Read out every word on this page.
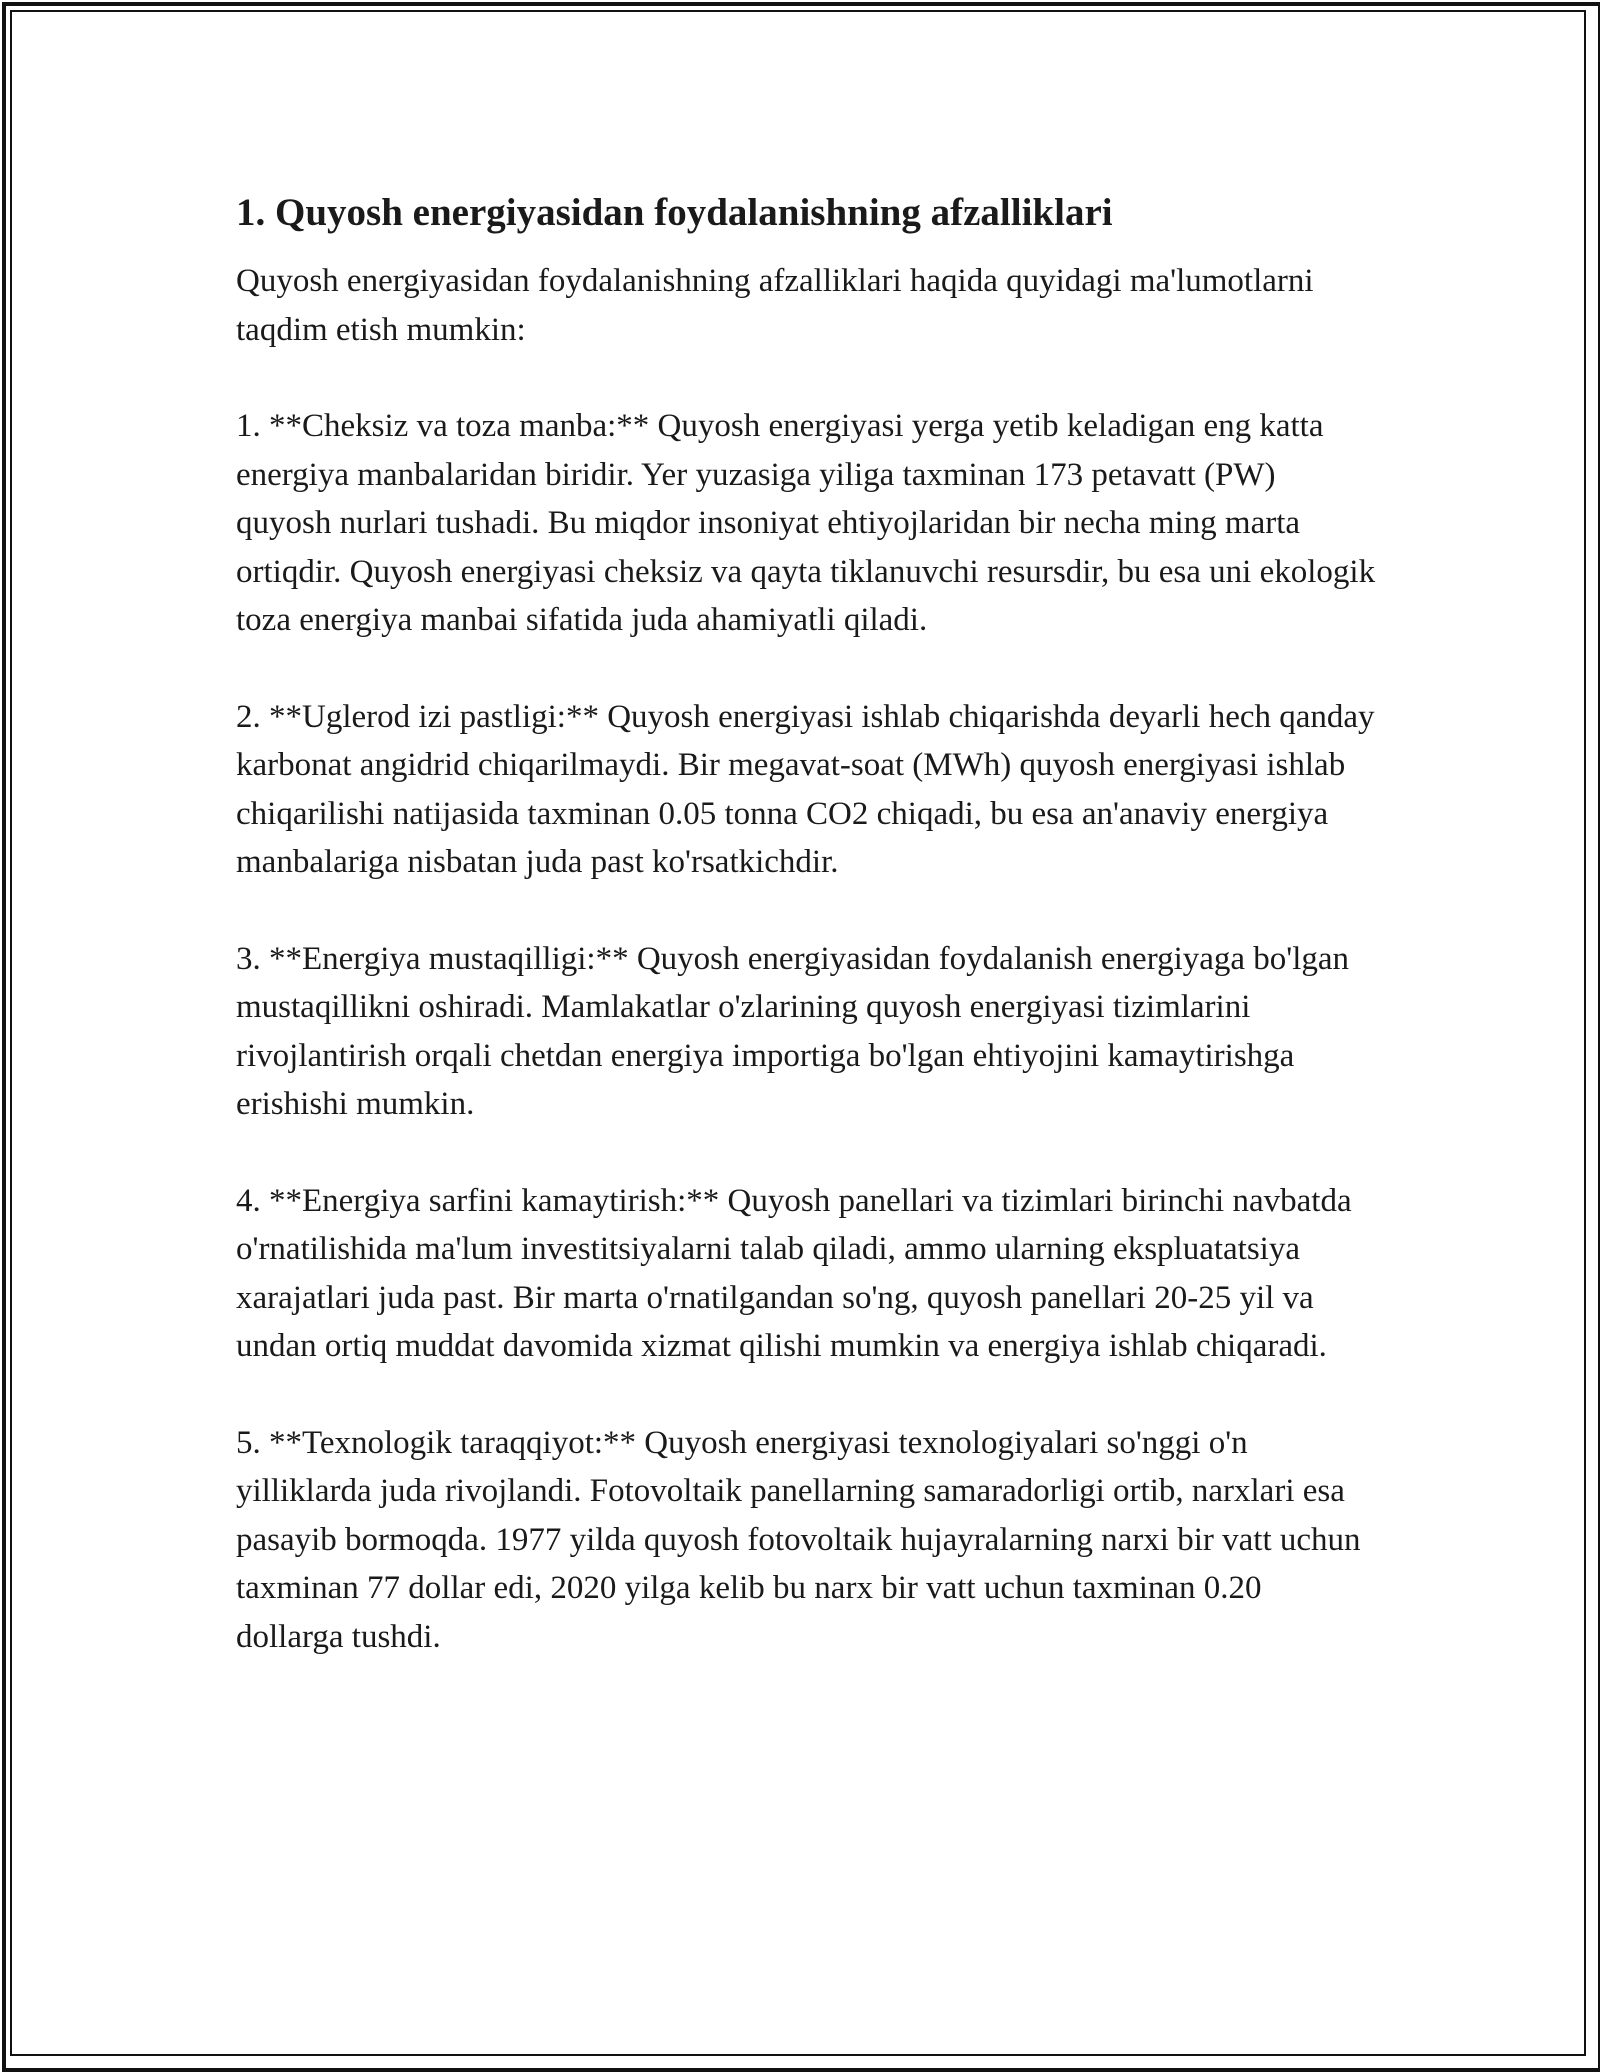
1. Quyosh energiyasidan foydalanishning afzalliklari

Quyosh energiyasidan foydalanishning afzalliklari haqida quyidagi ma'lumotlarni taqdim etish mumkin:

1. **Cheksiz va toza manba:** Quyosh energiyasi yerga yetib keladigan eng katta energiya manbalaridan biridir. Yer yuzasiga yiliga taxminan 173 petavatt (PW) quyosh nurlari tushadi. Bu miqdor insoniyat ehtiyojlaridan bir necha ming marta ortiqdir. Quyosh energiyasi cheksiz va qayta tiklanuvchi resursdir, bu esa uni ekologik toza energiya manbai sifatida juda ahamiyatli qiladi.

2. **Uglerod izi pastligi:** Quyosh energiyasi ishlab chiqarishda deyarli hech qanday karbonat angidrid chiqarilmaydi. Bir megavat-soat (MWh) quyosh energiyasi ishlab chiqarilishi natijasida taxminan 0.05 tonna CO2 chiqadi, bu esa an'anaviy energiya manbalariga nisbatan juda past ko'rsatkichdir.

3. **Energiya mustaqilligi:** Quyosh energiyasidan foydalanish energiyaga bo'lgan mustaqillikni oshiradi. Mamlakatlar o'zlarining quyosh energiyasi tizimlarini rivojlantirish orqali chetdan energiya importiga bo'lgan ehtiyojini kamaytirishga erishishi mumkin.

4. **Energiya sarfini kamaytirish:** Quyosh panellari va tizimlari birinchi navbatda o'rnatilishida ma'lum investitsiyalarni talab qiladi, ammo ularning ekspluatatsiya xarajatlari juda past. Bir marta o'rnatilgandan so'ng, quyosh panellari 20-25 yil va undan ortiq muddat davomida xizmat qilishi mumkin va energiya ishlab chiqaradi.

5. **Texnologik taraqqiyot:** Quyosh energiyasi texnologiyalari so'nggi o'n yilliklarda juda rivojlandi. Fotovoltaik panellarning samaradorligi ortib, narxlari esa pasayib bormoqda. 1977 yilda quyosh fotovoltaik hujayralarning narxi bir vatt uchun taxminan 77 dollar edi, 2020 yilga kelib bu narx bir vatt uchun taxminan 0.20 dollarga tushdi.
